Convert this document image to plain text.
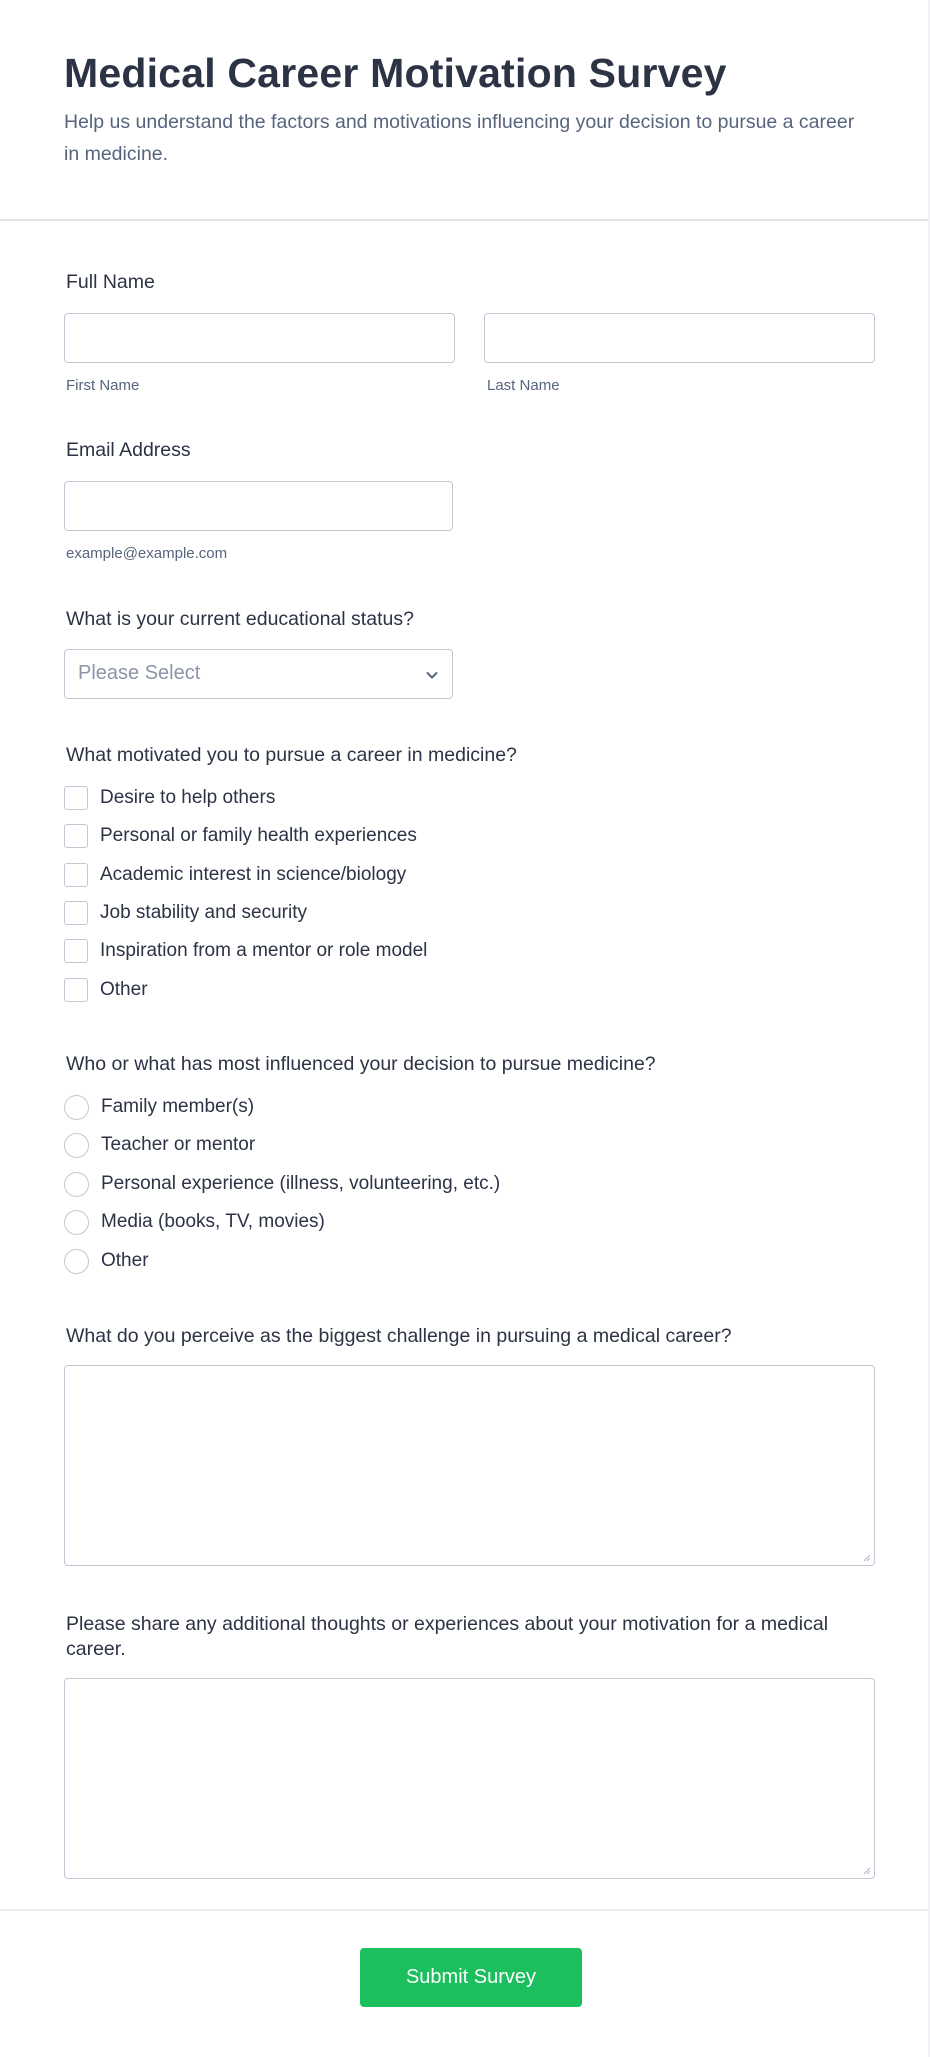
Medical Career Motivation Survey

Help us understand the factors and motivations influencing your decision to pursue a career in medicine.

Full Name
First Name	Last Name
Email Address
example@example.com
What is your current educational status?
Please Select
What motivated you to pursue a career in medicine?
Desire to help others
Personal or family health experiences
Academic interest in science/biology
Job stability and security
Inspiration from a mentor or role model
Other
Who or what has most influenced your decision to pursue medicine?
Family member(s)
Teacher or mentor
Personal experience (illness, volunteering, etc.)
Media (books, TV, movies)
Other
What do you perceive as the biggest challenge in pursuing a medical career?
Please share any additional thoughts or experiences about your motivation for a medical career.
Submit Survey
